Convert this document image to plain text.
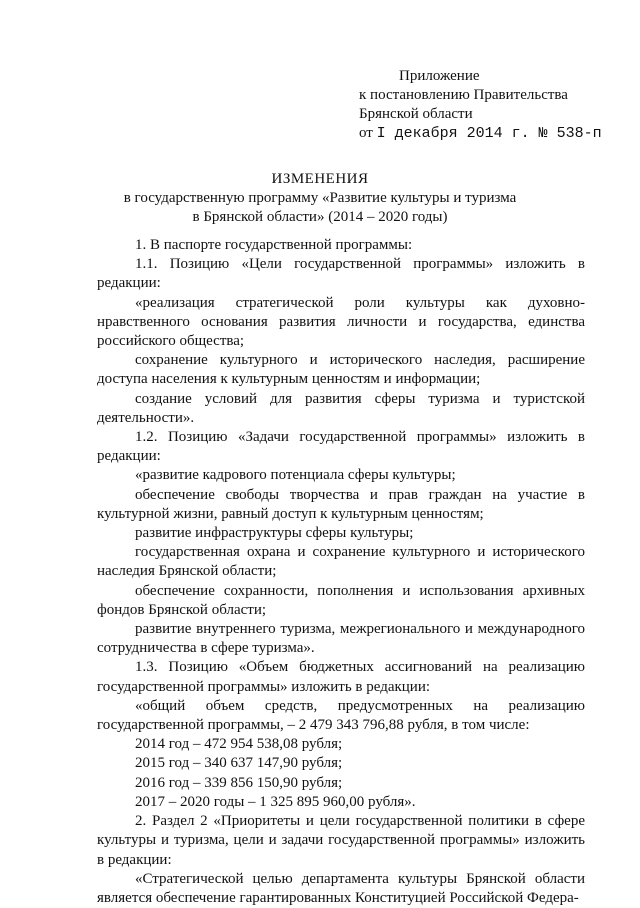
Приложение
к постановлению Правительства
Брянской области
от I декабря 2014 г. № 538-п
ИЗМЕНЕНИЯ
в государственную программу «Развитие культуры и туризма
в Брянской области» (2014 – 2020 годы)
1. В паспорте государственной программы:
1.1. Позицию «Цели государственной программы» изложить в редакции:
«реализация стратегической роли культуры как духовно-нравственного основания развития личности и государства, единства российского общества;
сохранение культурного и исторического наследия, расширение доступа населения к культурным ценностям и информации;
создание условий для развития сферы туризма и туристской деятельности».
1.2. Позицию «Задачи государственной программы» изложить в редакции:
«развитие кадрового потенциала сферы культуры;
обеспечение свободы творчества и прав граждан на участие в культурной жизни, равный доступ к культурным ценностям;
развитие инфраструктуры сферы культуры;
государственная охрана и сохранение культурного и исторического наследия Брянской области;
обеспечение сохранности, пополнения и использования архивных фондов Брянской области;
развитие внутреннего туризма, межрегионального и международного сотрудничества в сфере туризма».
1.3. Позицию «Объем бюджетных ассигнований на реализацию государственной программы» изложить в редакции:
«общий объем средств, предусмотренных на реализацию государственной программы, – 2 479 343 796,88 рубля, в том числе:
2014 год – 472 954 538,08 рубля;
2015 год – 340 637 147,90 рубля;
2016 год – 339 856 150,90 рубля;
2017 – 2020 годы – 1 325 895 960,00 рубля».
2. Раздел 2 «Приоритеты и цели государственной политики в сфере культуры и туризма, цели и задачи государственной программы» изложить в редакции:
«Стратегической целью департамента культуры Брянской области является обеспечение гарантированных Конституцией Российской Федера-
